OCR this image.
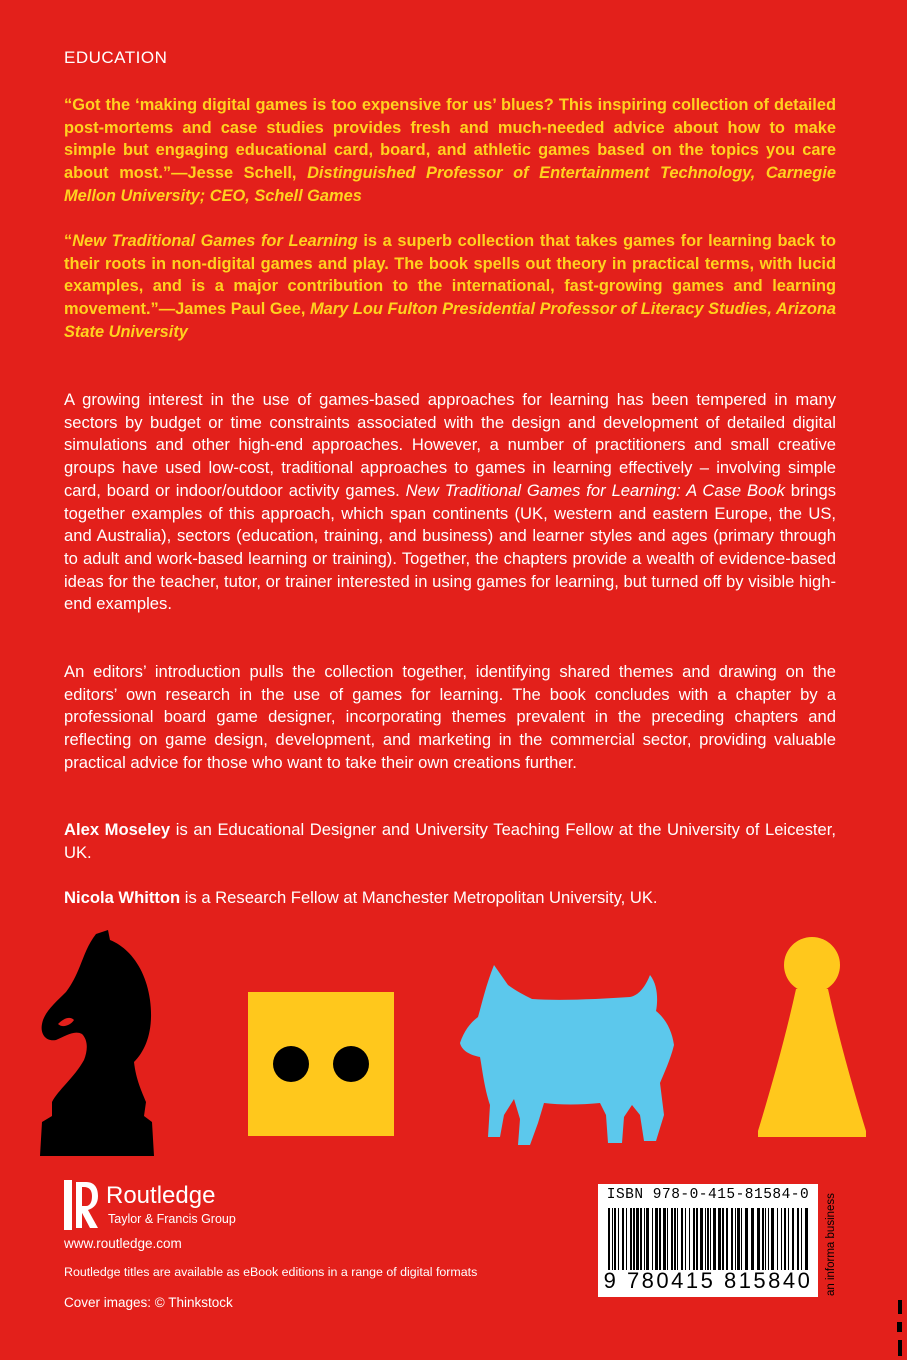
EDUCATION

“Got the ‘making digital games is too expensive for us’ blues? This inspiring collection of detailed post-mortems and case studies provides fresh and much-needed advice about how to make simple but engaging educational card, board, and athletic games based on the topics you care about most.”—Jesse Schell, Distinguished Professor of Entertainment Technology, Carnegie Mellon University; CEO, Schell Games

“New Traditional Games for Learning is a superb collection that takes games for learning back to their roots in non-digital games and play. The book spells out theory in practical terms, with lucid examples, and is a major contribution to the international, fast-growing games and learning movement.”—James Paul Gee, Mary Lou Fulton Presidential Professor of Literacy Studies, Arizona State University

A growing interest in the use of games-based approaches for learning has been tempered in many sectors by budget or time constraints associated with the design and development of detailed digital simulations and other high-end approaches. However, a number of practitioners and small creative groups have used low-cost, traditional approaches to games in learning effectively – involving simple card, board or indoor/outdoor activity games. New Traditional Games for Learning: A Case Book brings together examples of this approach, which span continents (UK, western and eastern Europe, the US, and Australia), sectors (education, training, and business) and learner styles and ages (primary through to adult and work-based learning or training). Together, the chapters provide a wealth of evidence-based ideas for the teacher, tutor, or trainer interested in using games for learning, but turned off by visible high-end examples.

An editors’ introduction pulls the collection together, identifying shared themes and drawing on the editors’ own research in the use of games for learning. The book concludes with a chapter by a professional board game designer, incorporating themes prevalent in the preceding chapters and reflecting on game design, development, and marketing in the commercial sector, providing valuable practical advice for those who want to take their own creations further.

Alex Moseley is an Educational Designer and University Teaching Fellow at the University of Leicester, UK.

Nicola Whitton is a Research Fellow at Manchester Metropolitan University, UK.

Routledge
Taylor & Francis Group
www.routledge.com
Routledge titles are available as eBook editions in a range of digital formats
Cover images: © Thinkstock
ISBN 978-0-415-81584-0
9 780415 815840	an informa business
